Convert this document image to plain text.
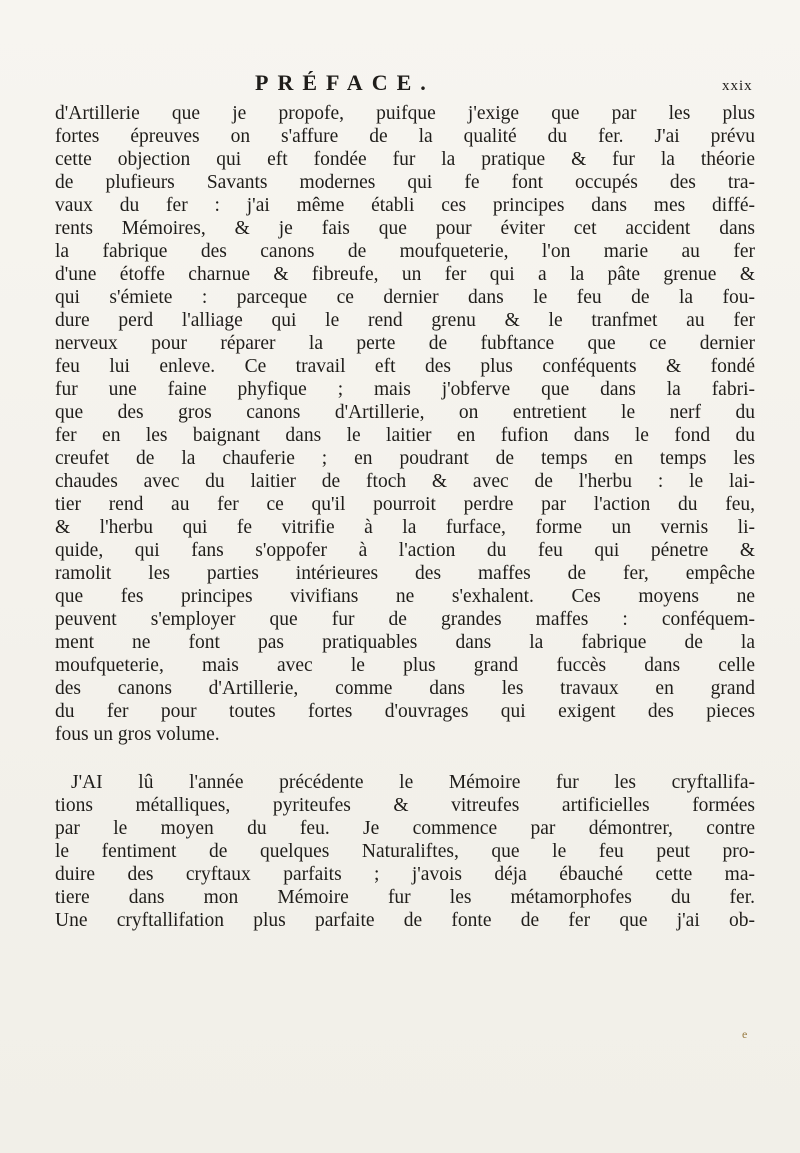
PRÉFACE.	xxix
d'Artillerie que je propofe, puifque j'exige que par les plus
fortes épreuves on s'affure de la qualité du fer. J'ai prévu
cette objection qui eft fondée fur la pratique & fur la théorie
de plufieurs Savants modernes qui fe font occupés des tra-
vaux du fer : j'ai même établi ces principes dans mes diffé-
rents Mémoires, & je fais que pour éviter cet accident dans
la fabrique des canons de moufqueterie, l'on marie au fer
d'une étoffe charnue & fibreufe, un fer qui a la pâte grenue &
qui s'émiete : parceque ce dernier dans le feu de la fou-
dure perd l'alliage qui le rend grenu & le tranfmet au fer
nerveux pour réparer la perte de fubftance que ce dernier
feu lui enleve. Ce travail eft des plus conféquents & fondé
fur une faine phyfique ; mais j'obferve que dans la fabri-
que des gros canons d'Artillerie, on entretient le nerf du
fer en les baignant dans le laitier en fufion dans le fond du
creufet de la chauferie ; en poudrant de temps en temps les
chaudes avec du laitier de ftoch & avec de l'herbu : le lai-
tier rend au fer ce qu'il pourroit perdre par l'action du feu,
& l'herbu qui fe vitrifie à la furface, forme un vernis li-
quide, qui fans s'oppofer à l'action du feu qui pénetre &
ramolit les parties intérieures des maffes de fer, empêche
que fes principes vivifians ne s'exhalent. Ces moyens ne
peuvent s'employer que fur de grandes maffes : conféquem-
ment ne font pas pratiquables dans la fabrique de la
moufqueterie, mais avec le plus grand fuccès dans celle
des canons d'Artillerie, comme dans les travaux en grand
du fer pour toutes fortes d'ouvrages qui exigent des pieces
fous un gros volume.
J'AI lû l'année précédente le Mémoire fur les cryftallifa-
tions métalliques, pyriteufes & vitreufes artificielles formées
par le moyen du feu. Je commence par démontrer, contre
le fentiment de quelques Naturaliftes, que le feu peut pro-
duire des cryftaux parfaits ; j'avois déja ébauché cette ma-
tiere dans mon Mémoire fur les métamorphofes du fer.
Une cryftallifation plus parfaite de fonte de fer que j'ai ob-
e
